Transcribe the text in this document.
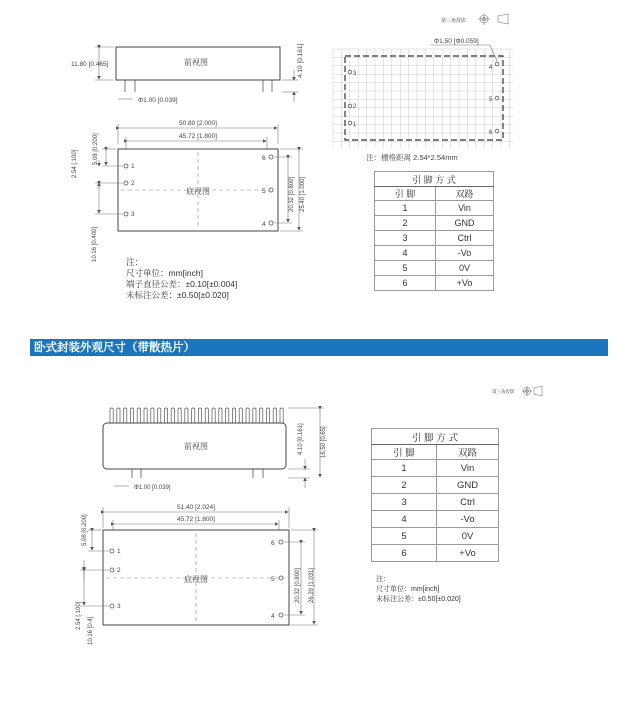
第三角投影
前视图
11.80 [0.465]	4.10 [0.161]
Φ1.00 [0.039]
50.80 [2.000]
45.72 [1.800]
底视图
1
2
3
6
5
4
5.08 [0.200]
2.54 [.100]
10.16 [0.400]
20.32 [0.800] 25.40 [1.000]
Φ1.50 [Φ0.059]
3
2
1
4
5
6
注：栅格距离 2.54*2.54mm
第三角投影
前视图	4.10 [0.161]	16.50 [0.65]
Φ1.00 [0.039]
51.40 [2.024]
45.72 [1.800]
底视图
1
2
3
6
5
4
5.08 [0.200]
2.54 [.100]
10.16 [0.4]
20.32 [0.800] 26.20 [1.031]
引 脚 方 式	
引 脚	双路
1	Vin
2	GND
3	Ctrl
4	-Vo
5	0V
6	+Vo
注：
尺寸单位：mm[inch]
端子直径公差：±0.10[±0.004]
未标注公差：±0.50[±0.020]
卧式封装外观尺寸（带散热片）
引 脚 方 式	
引 脚	双路
1	Vin
2	GND
3	Ctrl
4	-Vo
5	0V
6	+Vo
注：
尺寸单位：mm[inch]
未标注公差：±0.50[±0.020]
